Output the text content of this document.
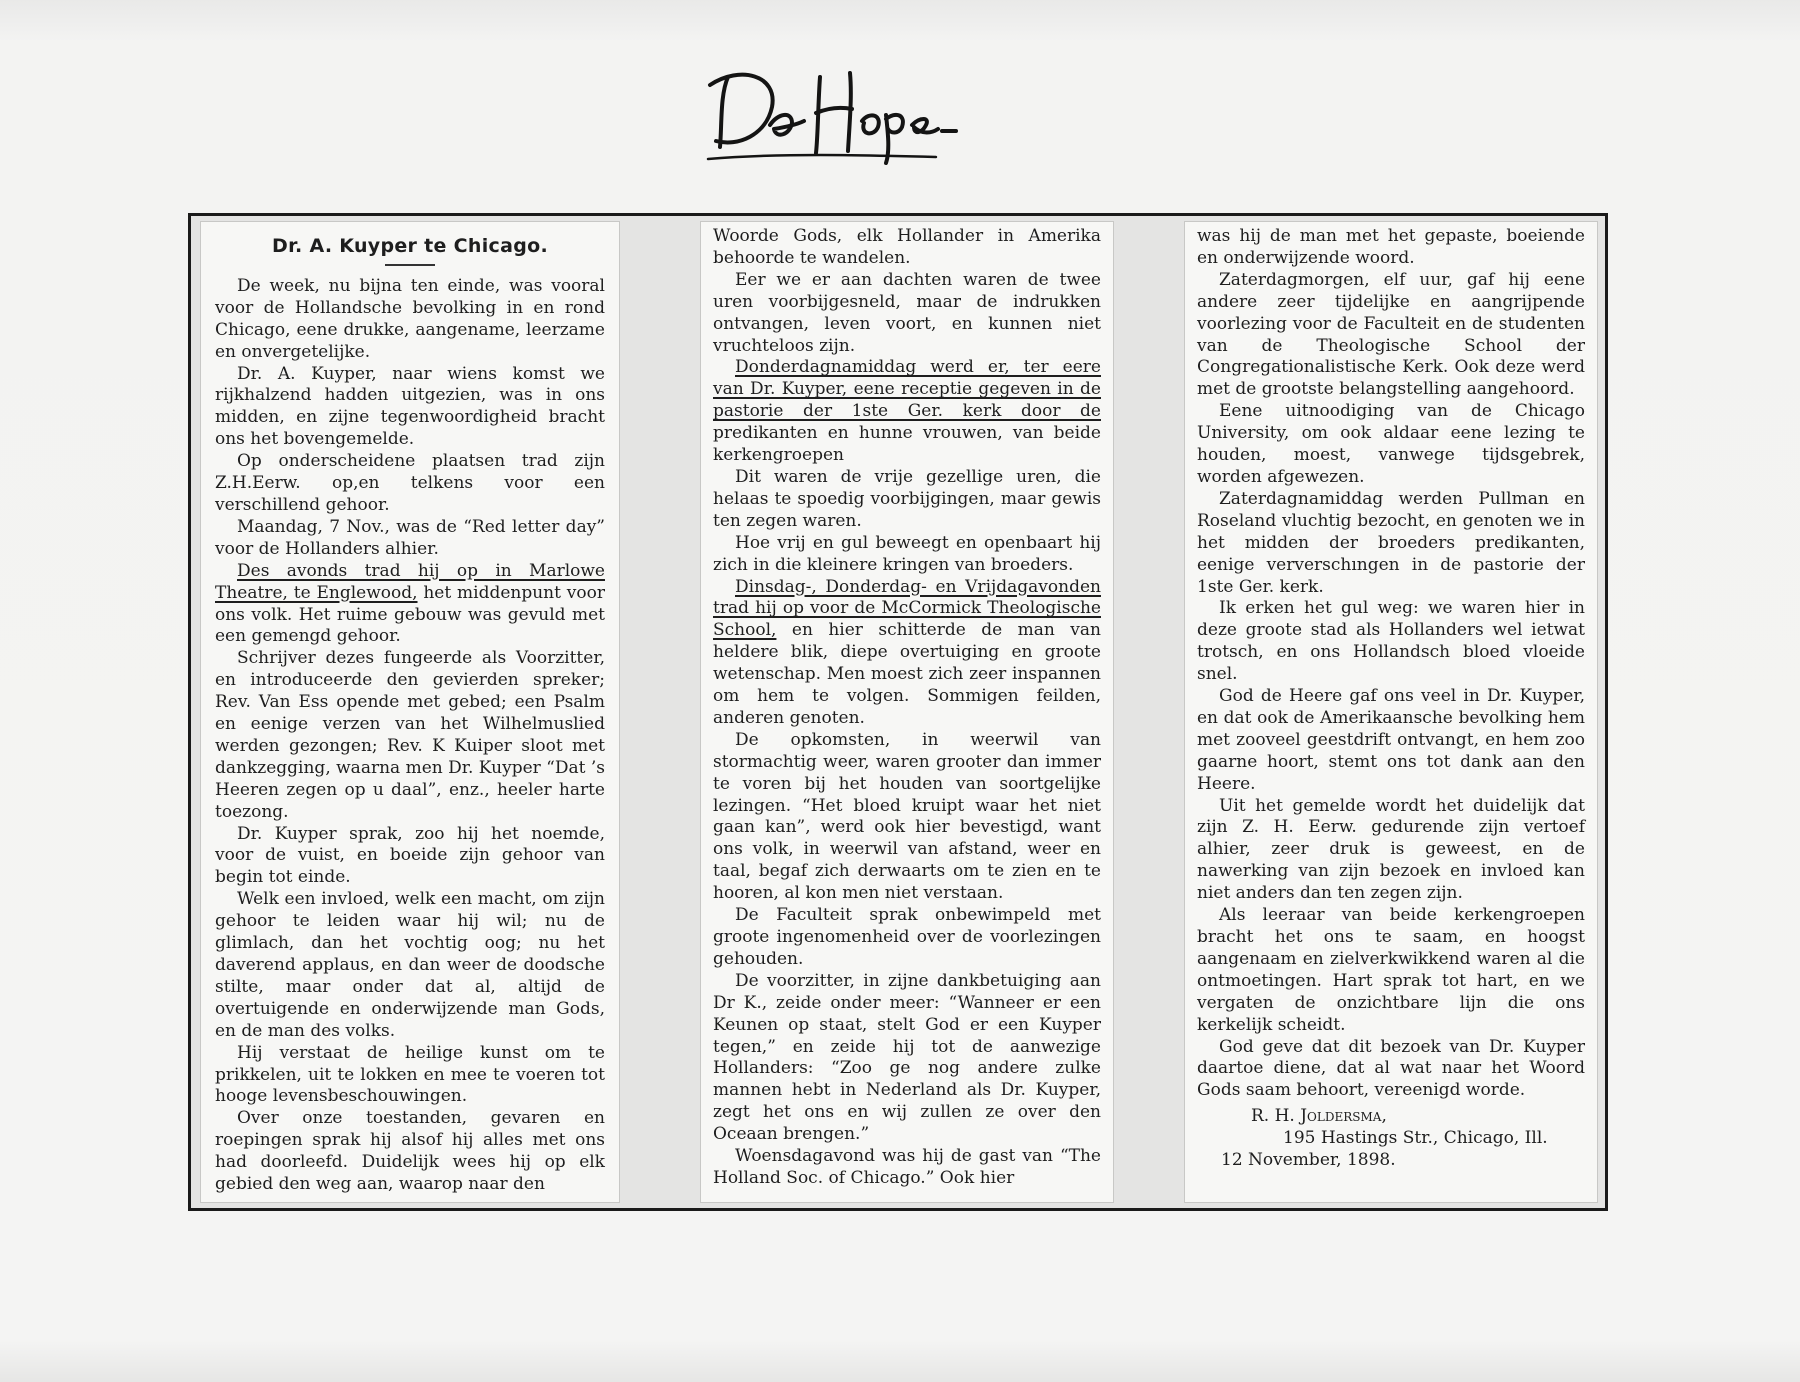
Dr. A. Kuyper te Chicago.

De week, nu bijna ten einde, was vooral voor de Hollandsche bevolking in en rond Chicago, eene drukke, aangename, leerzame en onvergetelijke.

Dr. A. Kuyper, naar wiens komst we rijkhalzend hadden uitgezien, was in ons midden, en zijne tegenwoordigheid bracht ons het bovengemelde.

Op onderscheidene plaatsen trad zijn Z.H.Eerw. op,en telkens voor een verschillend gehoor.

Maandag, 7 Nov., was de “Red letter day” voor de Hollanders alhier.

Des avonds trad hij op in Marlowe Theatre, te Englewood, het middenpunt voor ons volk. Het ruime gebouw was gevuld met een gemengd gehoor.

Schrijver dezes fungeerde als Voorzitter, en introduceerde den gevierden spreker; Rev. Van Ess opende met gebed; een Psalm en eenige verzen van het Wilhelmuslied werden gezongen; Rev. K Kuiper sloot met dankzegging, waarna men Dr. Kuyper “Dat ’s Heeren zegen op u daal”, enz., heeler harte toezong.

Dr. Kuyper sprak, zoo hij het noemde, voor de vuist, en boeide zijn gehoor van begin tot einde.

Welk een invloed, welk een macht, om zijn gehoor te leiden waar hij wil; nu de glimlach, dan het vochtig oog; nu het daverend applaus, en dan weer de doodsche stilte, maar onder dat al, altijd de overtuigende en onderwijzende man Gods, en de man des volks.

Hij verstaat de heilige kunst om te prikkelen, uit te lokken en mee te voeren tot hooge levensbeschouwingen.

Over onze toestanden, gevaren en roepingen sprak hij alsof hij alles met ons had doorleefd. Duidelijk wees hij op elk gebied den weg aan, waarop naar den

Woorde Gods, elk Hollander in Amerika behoorde te wandelen.

Eer we er aan dachten waren de twee uren voorbijgesneld, maar de indrukken ontvangen, leven voort, en kunnen niet vruchteloos zijn.

Donderdagnamiddag werd er, ter eere van Dr. Kuyper, eene receptie gegeven in de pastorie der 1ste Ger. kerk door de predikanten en hunne vrouwen, van beide kerkengroepen

Dit waren de vrije gezellige uren, die helaas te spoedig voorbijgingen, maar gewis ten zegen waren.

Hoe vrij en gul beweegt en openbaart hij zich in die kleinere kringen van broeders.

Dinsdag-, Donderdag- en Vrijdagavonden trad hij op voor de McCormick Theologische School, en hier schitterde de man van heldere blik, diepe overtuiging en groote wetenschap. Men moest zich zeer inspannen om hem te volgen. Sommigen feilden, anderen genoten.

De opkomsten, in weerwil van stormachtig weer, waren grooter dan immer te voren bij het houden van soortgelijke lezingen. “Het bloed kruipt waar het niet gaan kan”, werd ook hier bevestigd, want ons volk, in weerwil van afstand, weer en taal, begaf zich derwaarts om te zien en te hooren, al kon men niet verstaan.

De Faculteit sprak onbewimpeld met groote ingenomenheid over de voorlezingen gehouden.

De voorzitter, in zijne dankbetuiging aan Dr K., zeide onder meer: “Wanneer er een Keunen op staat, stelt God er een Kuyper tegen,” en zeide hij tot de aanwezige Hollanders: “Zoo ge nog andere zulke mannen hebt in Nederland als Dr. Kuyper, zegt het ons en wij zullen ze over den Oceaan brengen.”

Woensdagavond was hij de gast van “The Holland Soc. of Chicago.” Ook hier

was hij de man met het gepaste, boeiende en onderwijzende woord.

Zaterdagmorgen, elf uur, gaf hij eene andere zeer tijdelijke en aangrijpende voorlezing voor de Faculteit en de studenten van de Theologische School der Congregationalistische Kerk. Ook deze werd met de grootste belangstelling aangehoord.

Eene uitnoodiging van de Chicago University, om ook aldaar eene lezing te houden, moest, vanwege tijdsgebrek, worden afgewezen.

Zaterdagnamiddag werden Pullman en Roseland vluchtig bezocht, en genoten we in het midden der broeders predikanten, eenige ververschıngen in de pastorie der 1ste Ger. kerk.

Ik erken het gul weg: we waren hier in deze groote stad als Hollanders wel ietwat trotsch, en ons Hollandsch bloed vloeide snel.

God de Heere gaf ons veel in Dr. Kuyper, en dat ook de Amerikaansche bevolking hem met zooveel geestdrift ontvangt, en hem zoo gaarne hoort, stemt ons tot dank aan den Heere.

Uit het gemelde wordt het duidelijk dat zijn Z. H. Eerw. gedurende zijn vertoef alhier, zeer druk is geweest, en de nawerking van zijn bezoek en invloed kan niet anders dan ten zegen zijn.

Als leeraar van beide kerkengroepen bracht het ons te saam, en hoogst aangenaam en zielverkwikkend waren al die ontmoetingen. Hart sprak tot hart, en we vergaten de onzichtbare lijn die ons kerkelijk scheidt.

God geve dat dit bezoek van Dr. Kuyper daartoe diene, dat al wat naar het Woord Gods saam behoort, vereenigd worde.

R. H. Joldersma,
195 Hastings Str., Chicago, Ill.
12 November, 1898.
